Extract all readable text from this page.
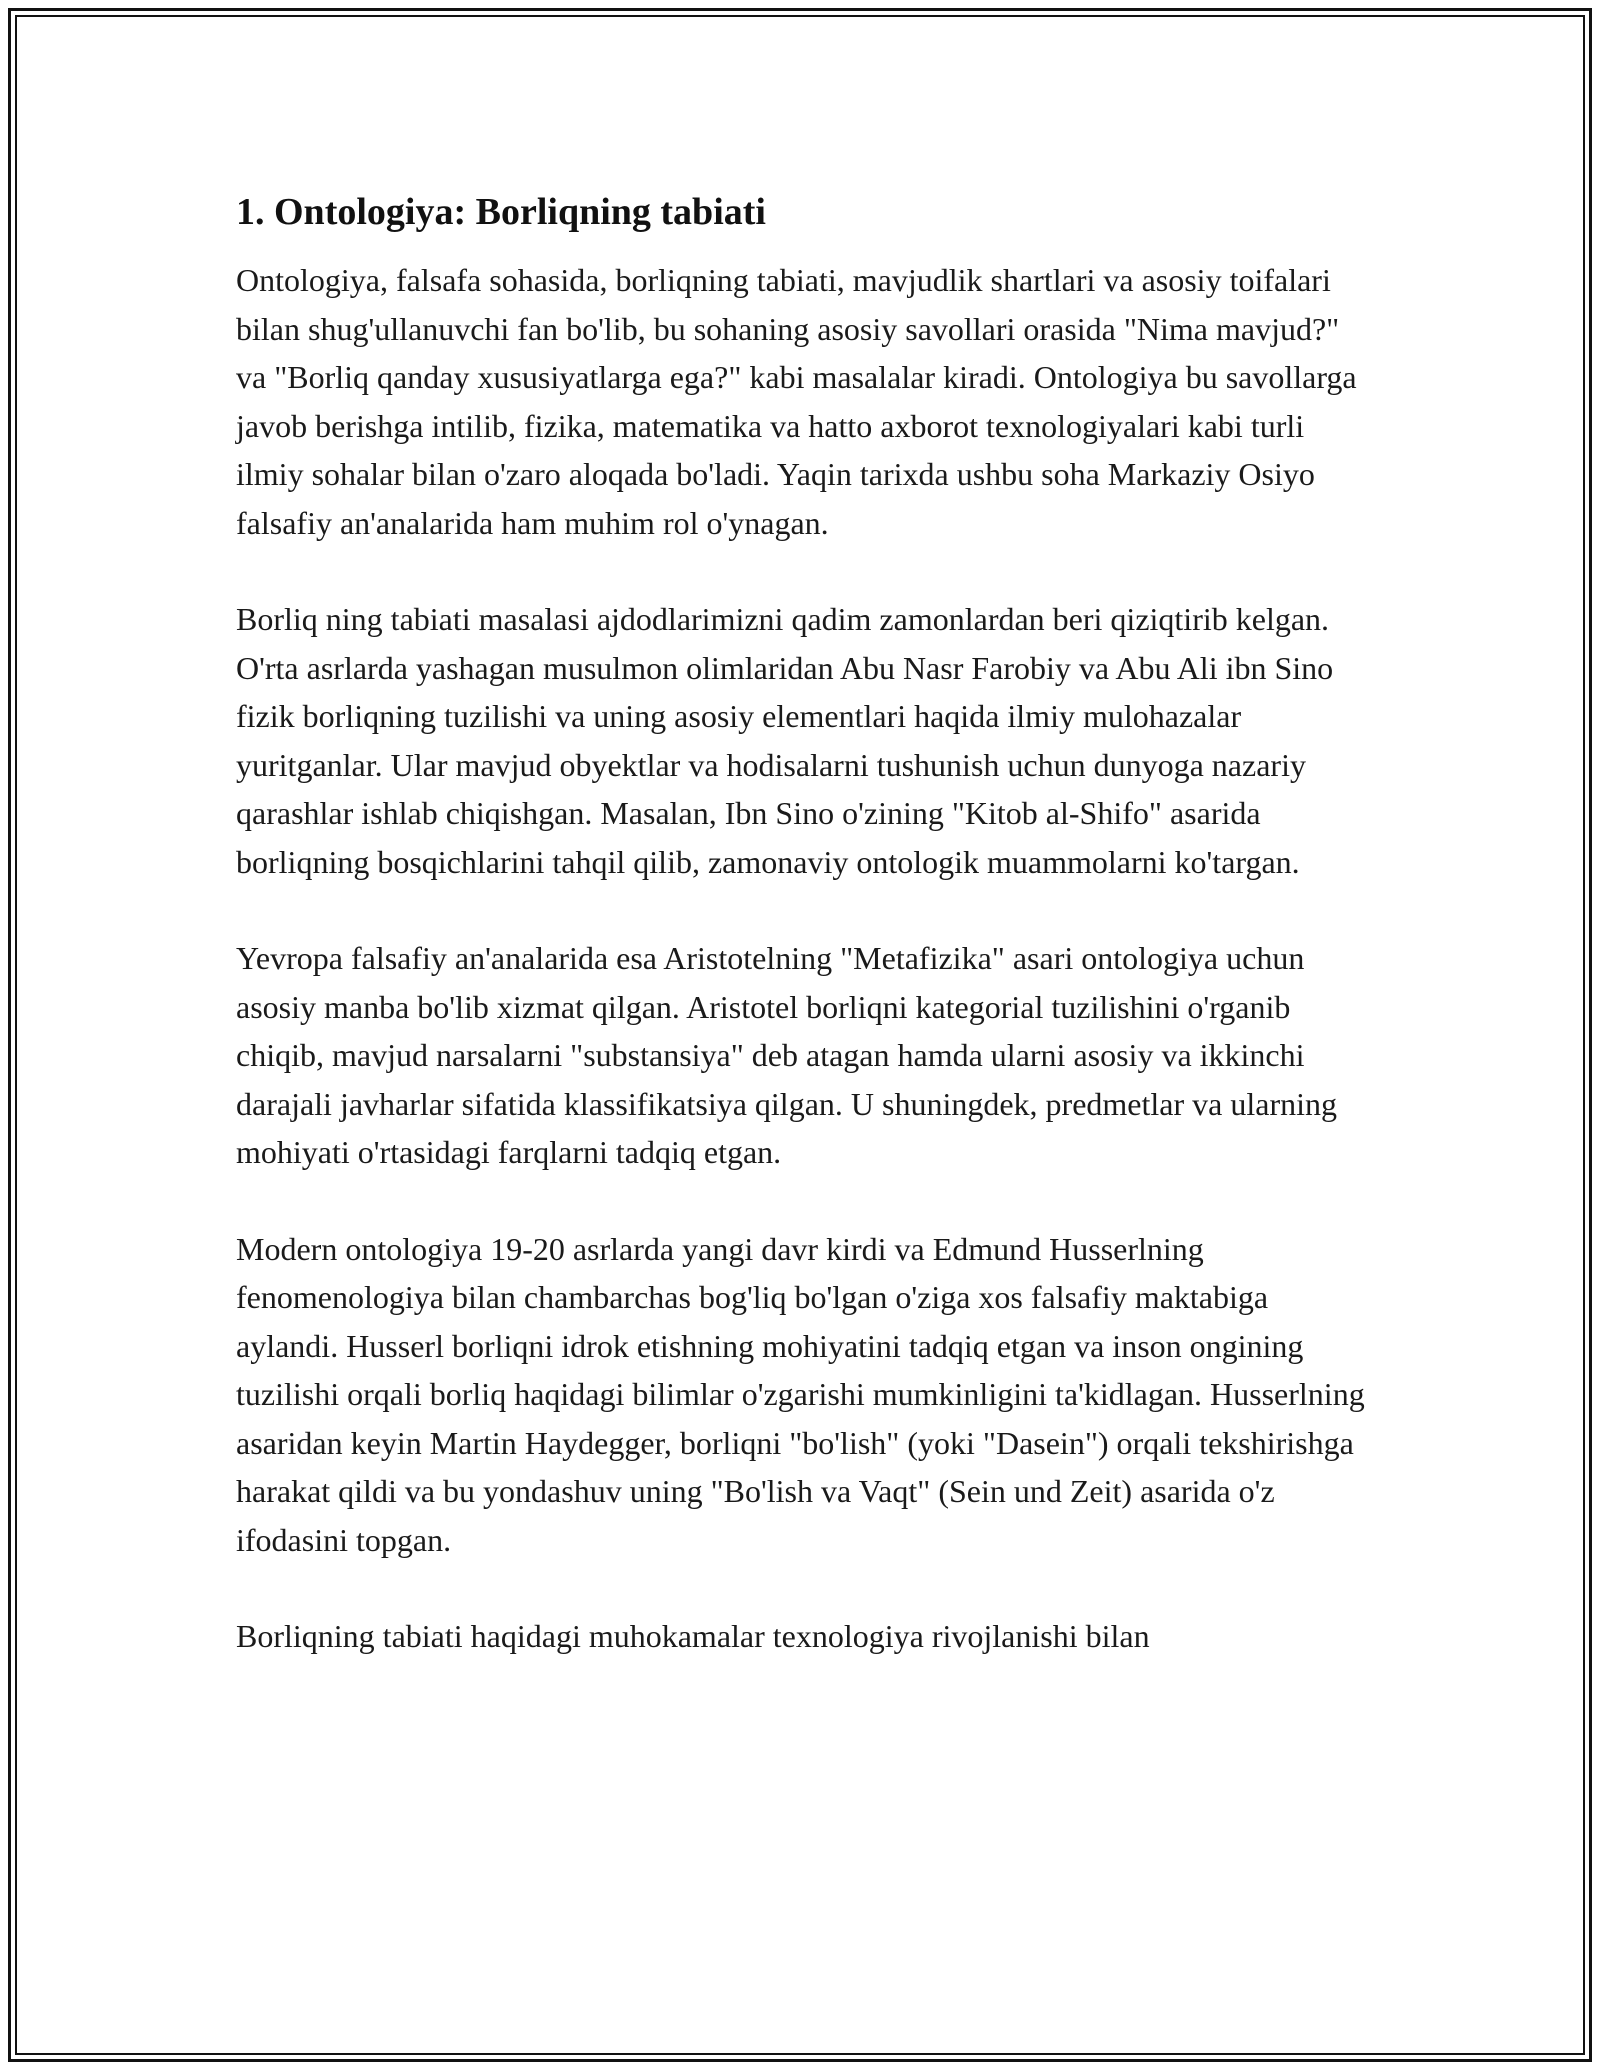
1. Ontologiya: Borliqning tabiati

Ontologiya, falsafa sohasida, borliqning tabiati, mavjudlik shartlari va asosiy toifalari bilan shug'ullanuvchi fan bo'lib, bu sohaning asosiy savollari orasida "Nima mavjud?" va "Borliq qanday xususiyatlarga ega?" kabi masalalar kiradi. Ontologiya bu savollarga javob berishga intilib, fizika, matematika va hatto axborot texnologiyalari kabi turli ilmiy sohalar bilan o'zaro aloqada bo'ladi. Yaqin tarixda ushbu soha Markaziy Osiyo falsafiy an'analarida ham muhim rol o'ynagan.

Borliq ning tabiati masalasi ajdodlarimizni qadim zamonlardan beri qiziqtirib kelgan. O'rta asrlarda yashagan musulmon olimlaridan Abu Nasr Farobiy va Abu Ali ibn Sino fizik borliqning tuzilishi va uning asosiy elementlari haqida ilmiy mulohazalar yuritganlar. Ular mavjud obyektlar va hodisalarni tushunish uchun dunyoga nazariy qarashlar ishlab chiqishgan. Masalan, Ibn Sino o'zining "Kitob al-Shifo" asarida borliqning bosqichlarini tahqil qilib, zamonaviy ontologik muammolarni ko'targan.

Yevropa falsafiy an'analarida esa Aristotelning "Metafizika" asari ontologiya uchun asosiy manba bo'lib xizmat qilgan. Aristotel borliqni kategorial tuzilishini o'rganib chiqib, mavjud narsalarni "substansiya" deb atagan hamda ularni asosiy va ikkinchi darajali javharlar sifatida klassifikatsiya qilgan. U shuningdek, predmetlar va ularning mohiyati o'rtasidagi farqlarni tadqiq etgan.

Modern ontologiya 19-20 asrlarda yangi davr kirdi va Edmund Husserlning fenomenologiya bilan chambarchas bog'liq bo'lgan o'ziga xos falsafiy maktabiga aylandi. Husserl borliqni idrok etishning mohiyatini tadqiq etgan va inson ongining tuzilishi orqali borliq haqidagi bilimlar o'zgarishi mumkinligini ta'kidlagan. Husserlning asaridan keyin Martin Haydegger, borliqni "bo'lish" (yoki "Dasein") orqali tekshirishga harakat qildi va bu yondashuv uning "Bo'lish va Vaqt" (Sein und Zeit) asarida o'z ifodasini topgan.

Borliqning tabiati haqidagi muhokamalar texnologiya rivojlanishi bilan
